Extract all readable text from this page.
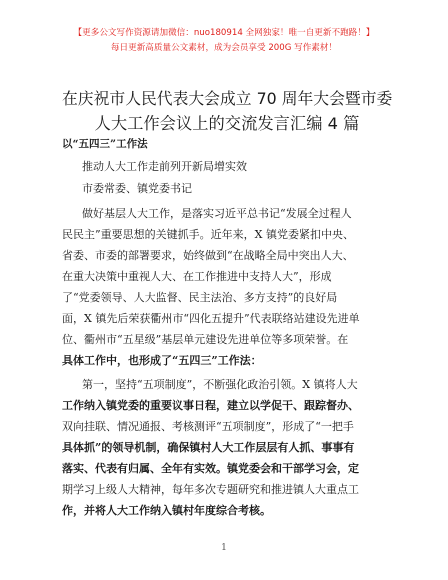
【更多公文写作资源请加微信：nuo180914 全网独家！唯一自更新不跑路！】
每日更新高质量公文素材，成为会员享受 200G 写作素材！
在庆祝市人民代表大会成立 70 周年大会暨市委
人大工作会议上的交流发言汇编 4 篇
以“五四三”工作法
推动人大工作走前列开新局增实效
市委常委、镇党委书记
做好基层人大工作，是落实习近平总书记“发展全过程人
民民主”重要思想的关键抓手。近年来，X 镇党委紧扣中央、
省委、市委的部署要求，始终做到“在战略全局中突出人大、
在重大决策中重视人大、在工作推进中支持人大”，形成
了“党委领导、人大监督、民主法治、多方支持”的良好局
面，X 镇先后荣获衢州市“四化五提升”代表联络站建设先进单
位、衢州市“五星级”基层单元建设先进单位等多项荣誉。在
具体工作中，也形成了“五四三”工作法：
第一，坚持“五项制度”，不断强化政治引领。X 镇将人大
工作纳入镇党委的重要议事日程，建立以学促干、跟踪督办、
双向挂联、情况通报、考核测评“五项制度”，形成了“一把手
具体抓”的领导机制，确保镇村人大工作层层有人抓、事事有
落实、代表有归属、全年有实效。镇党委会和干部学习会，定
期学习上级人大精神，每年多次专题研究和推进镇人大重点工
作，并将人大工作纳入镇村年度综合考核。
1
